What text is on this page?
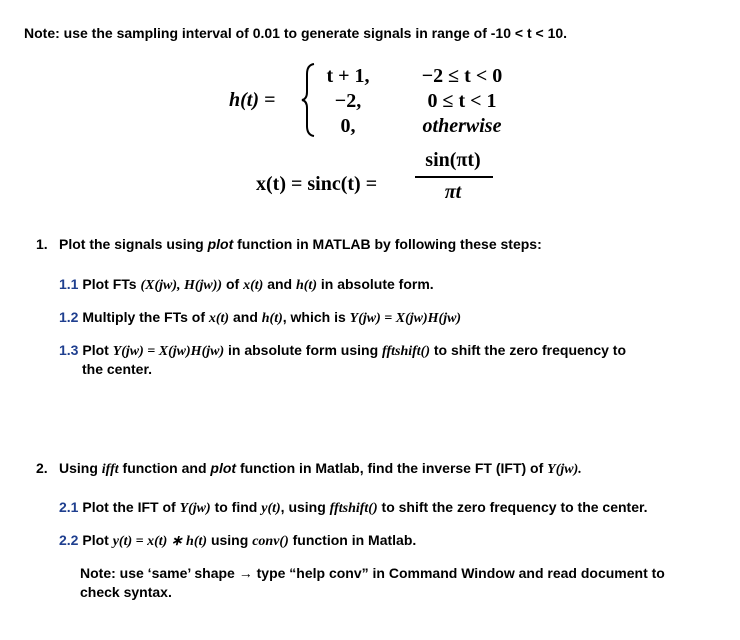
Note: use the sampling interval of 0.01 to generate signals in range of -10 < t < 10.
h(t) =
t + 1,	−2 ≤ t < 0
−2,	0 ≤ t < 1
0,	otherwise
x(t) = sinc(t) =
sin(πt)
πt
1. Plot the signals using plot function in MATLAB by following these steps:
1.1 Plot FTs (X(jw), H(jw)) of x(t) and h(t) in absolute form.
1.2 Multiply the FTs of x(t) and h(t), which is Y(jw) = X(jw)H(jw)
1.3 Plot Y(jw) = X(jw)H(jw) in absolute form using fftshift() to shift the zero frequency to
the center.
2. Using ifft function and plot function in Matlab, find the inverse FT (IFT) of Y(jw).
2.1 Plot the IFT of Y(jw) to find y(t), using fftshift() to shift the zero frequency to the center.
2.2 Plot y(t) = x(t) ∗ h(t) using conv() function in Matlab.
Note: use ‘same’ shape → type “help conv” in Command Window and read document to
check syntax.
